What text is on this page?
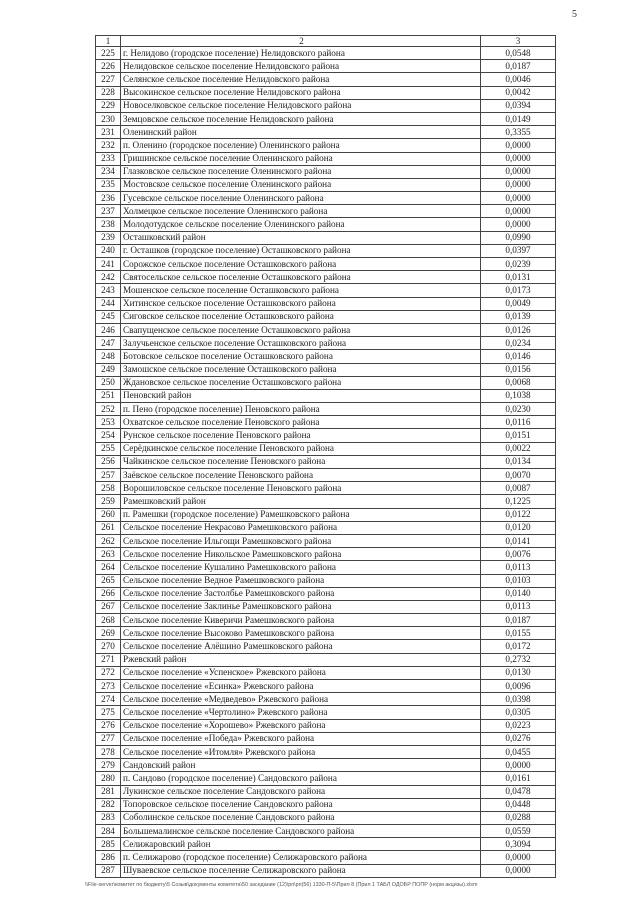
5
1	2	3
225	г. Нелидово (городское поселение) Нелидовского района	0,0548
226	Нелидовское сельское поселение Нелидовского района	0,0187
227	Селянское сельское поселение Нелидовского района	0,0046
228	Высокинское сельское поселение Нелидовского района	0,0042
229	Новоселковское сельское поселение Нелидовского района	0,0394
230	Земцовское сельское поселение Нелидовского района	0,0149
231	Оленинский район	0,3355
232	п. Оленино (городское поселение) Оленинского района	0,0000
233	Гришинское сельское поселение Оленинского района	0,0000
234	Глазковское сельское поселение Оленинского района	0,0000
235	Мостовское сельское поселение Оленинского района	0,0000
236	Гусевское сельское поселение Оленинского района	0,0000
237	Холмецкое сельское поселение Оленинского района	0,0000
238	Молодотудское сельское поселение Оленинского района	0,0000
239	Осташковский район	0,0990
240	г. Осташков (городское поселение) Осташковского района	0,0397
241	Сорожское сельское поселение Осташковского района	0,0239
242	Святосельское сельское поселение Осташковского района	0,0131
243	Мошенское сельское поселение Осташковского района	0,0173
244	Хитинское сельское поселение Осташковского района	0,0049
245	Сиговское сельское поселение Осташковского района	0,0139
246	Свапущенское сельское поселение Осташковского района	0,0126
247	Залучьенское сельское поселение Осташковского района	0,0234
248	Ботовское сельское поселение Осташковского района	0,0146
249	Замошское сельское поселение Осташковского района	0,0156
250	Ждановское сельское поселение Осташковского района	0,0068
251	Пеновский район	0,1038
252	п. Пено (городское поселение) Пеновского района	0,0230
253	Охватское сельское поселение Пеновского района	0,0116
254	Рунское сельское поселение Пеновского района	0,0151
255	Серёдкинское сельское поселение Пеновского района	0,0022
256	Чайкинское сельское поселение Пеновского района	0,0134
257	Заёвское сельское поселение Пеновского района	0,0070
258	Ворошиловское сельское поселение Пеновского района	0,0087
259	Рамешковский район	0,1225
260	п. Рамешки (городское поселение) Рамешковского района	0,0122
261	Сельское поселение Некрасово Рамешковского района	0,0120
262	Сельское поселение Ильгощи Рамешковского района	0,0141
263	Сельское поселение Никольское Рамешковского района	0,0076
264	Сельское поселение Кушалино Рамешковского района	0,0113
265	Сельское поселение Ведное Рамешковского района	0,0103
266	Сельское поселение Застолбье Рамешковского района	0,0140
267	Сельское поселение Заклинье Рамешковского района	0,0113
268	Сельское поселение Киверичи Рамешковского района	0,0187
269	Сельское поселение Высоково Рамешковского района	0,0155
270	Сельское поселение Алёшино Рамешковского района	0,0172
271	Ржевский район	0,2732
272	Сельское поселение «Успенское» Ржевского района	0,0130
273	Сельское поселение «Есинка» Ржевского района	0,0096
274	Сельское поселение «Медведево» Ржевского района	0,0398
275	Сельское поселение «Чертолино» Ржевского района	0,0305
276	Сельское поселение «Хорошево» Ржевского района	0,0223
277	Сельское поселение «Победа» Ржевского района	0,0276
278	Сельское поселение «Итомля» Ржевского района	0,0455
279	Сандовский район	0,0000
280	п. Сандово (городское поселение) Сандовского района	0,0161
281	Лукинское сельское поселение Сандовского района	0,0478
282	Топоровское сельское поселение Сандовского района	0,0448
283	Соболинское сельское поселение Сандовского района	0,0288
284	Большемалинское сельское поселение Сандовского района	0,0559
285	Селижаровский район	0,3094
286	п. Селижарово (городское поселение) Селижаровского района	0,0000
287	Шуваевское сельское поселение Селижаровского района	0,0000
\\File-server\комитет по бюджету\5 Созыв\документы комитета\50 заседание (12)\рп\рп(56) 1330-П-5\Прил 8 (Прил 1 ТАБЛ ОДОБР ПОПР (норм акцизы).xlsm
